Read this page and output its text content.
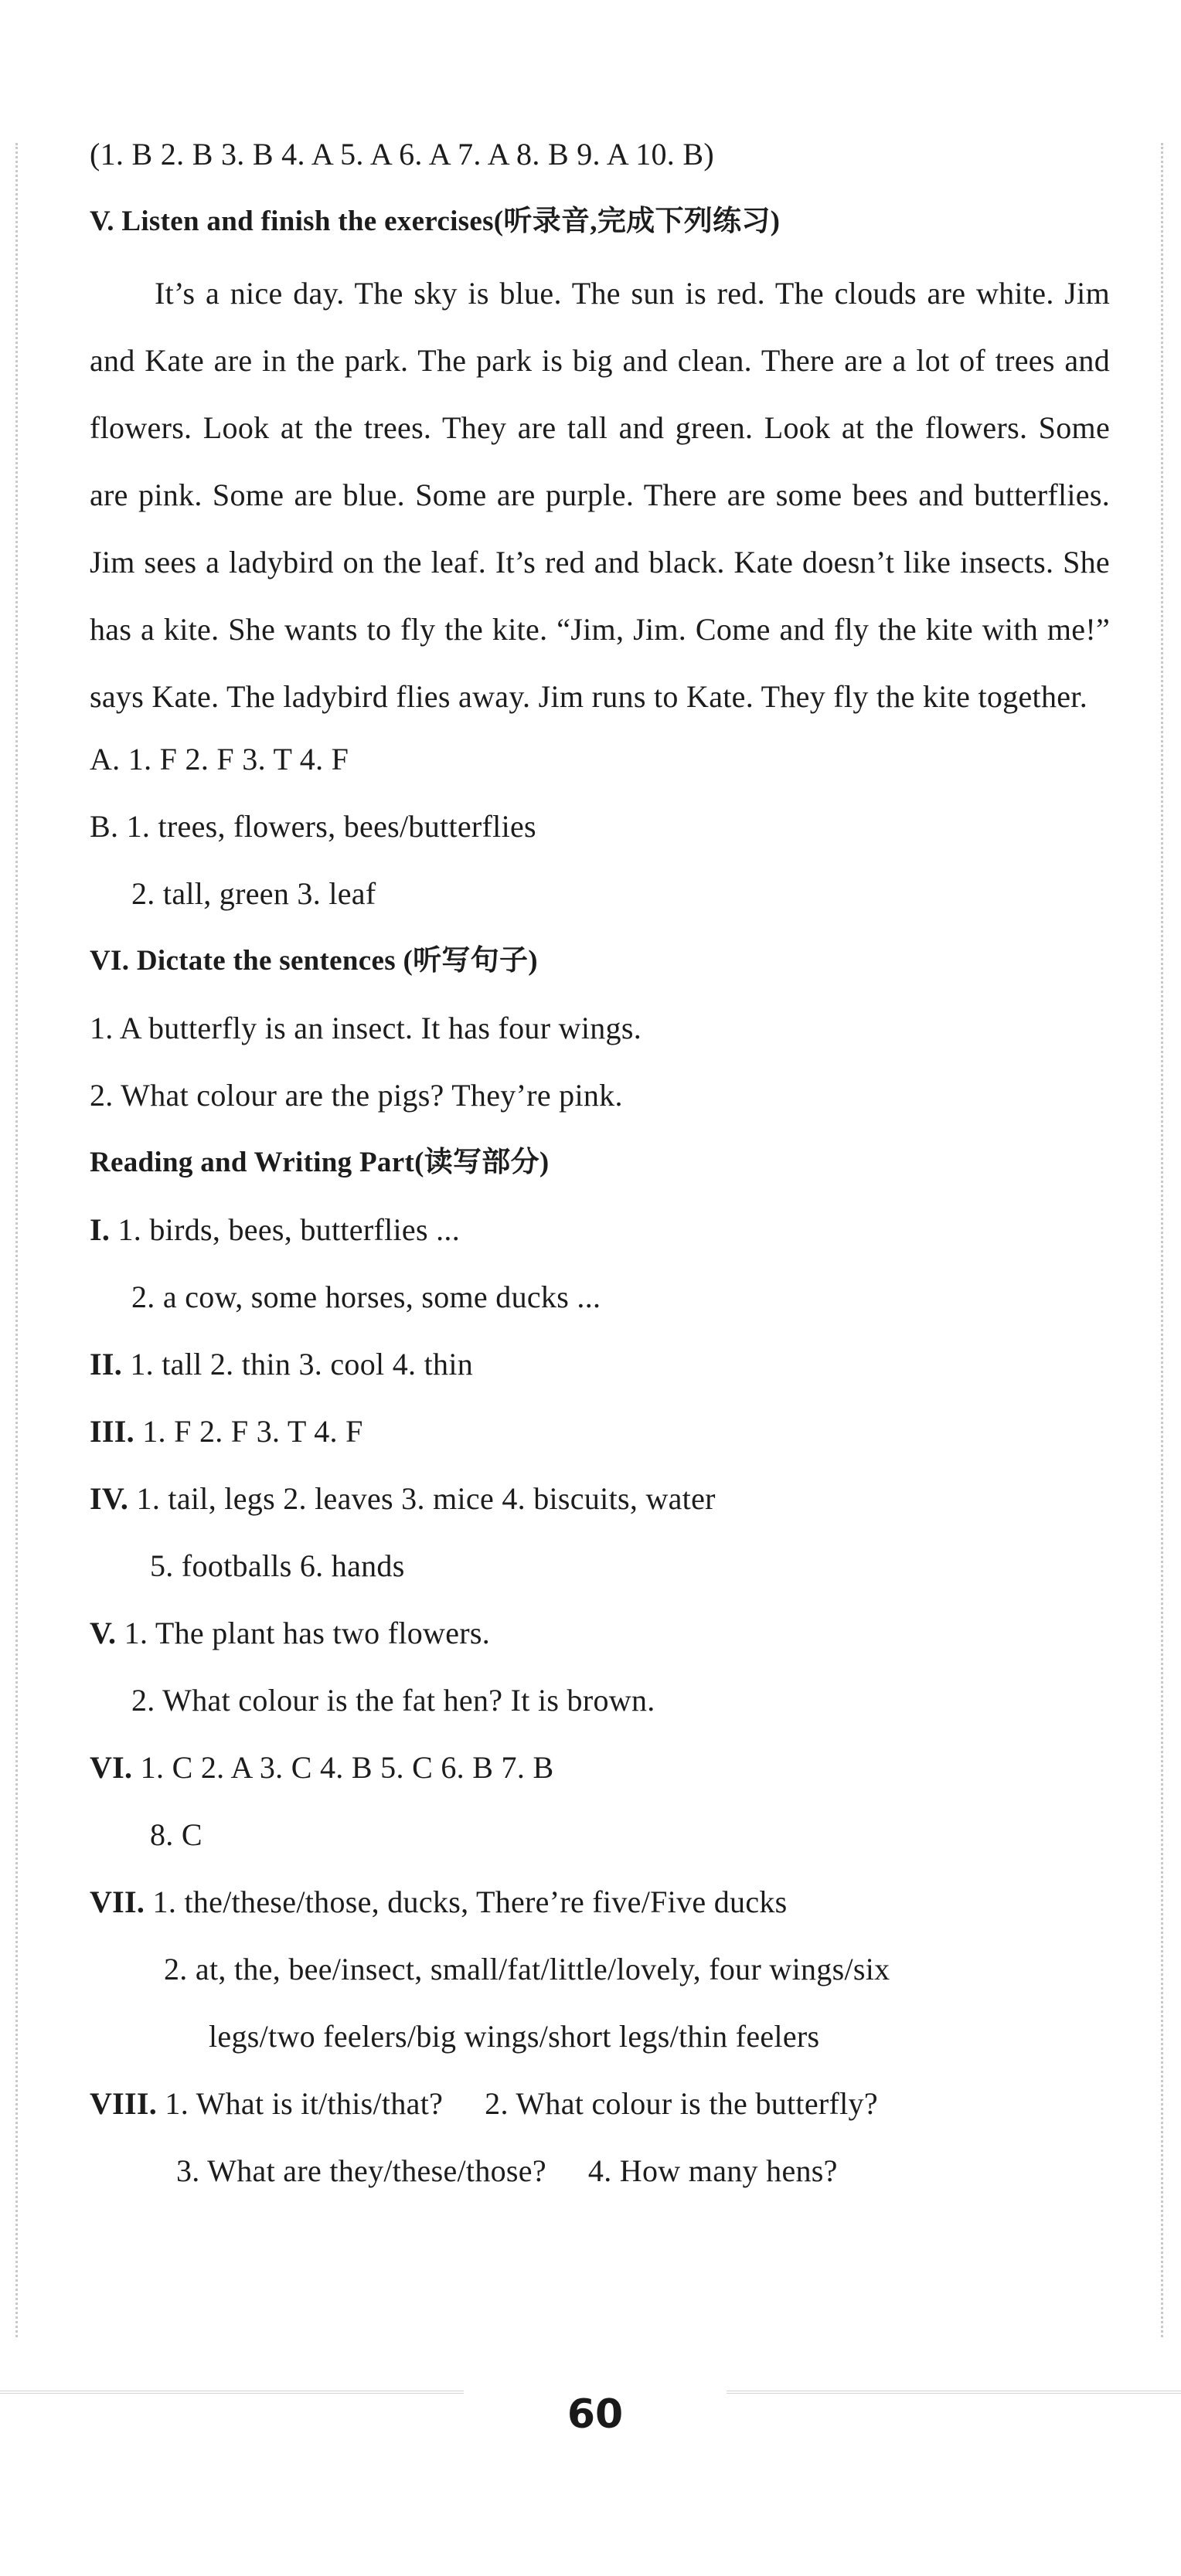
(1. B 2. B 3. B 4. A 5. A 6. A 7. A 8. B 9. A 10. B)
V. Listen and finish the exercises(听录音,完成下列练习)

It’s a nice day. The sky is blue. The sun is red. The clouds are white. Jim and Kate are in the park. The park is big and clean. There are a lot of trees and flowers. Look at the trees. They are tall and green. Look at the flowers. Some are pink. Some are blue. Some are purple. There are some bees and butterflies. Jim sees a ladybird on the leaf. It’s red and black. Kate doesn’t like insects. She has a kite. She wants to fly the kite. “Jim, Jim. Come and fly the kite with me!” says Kate. The ladybird flies away. Jim runs to Kate. They fly the kite together.

A. 1. F 2. F 3. T 4. F
B. 1. trees, flowers, bees/butterflies
2. tall, green 3. leaf
VI. Dictate the sentences (听写句子)
1. A butterfly is an insect. It has four wings.
2. What colour are the pigs? They’re pink.
Reading and Writing Part(读写部分)
I. 1. birds, bees, butterflies ...
2. a cow, some horses, some ducks ...
II. 1. tall 2. thin 3. cool 4. thin
III. 1. F 2. F 3. T 4. F
IV. 1. tail, legs 2. leaves 3. mice 4. biscuits, water
5. footballs 6. hands
V. 1. The plant has two flowers.
2. What colour is the fat hen? It is brown.
VI. 1. C 2. A 3. C 4. B 5. C 6. B 7. B
8. C
VII. 1. the/these/those, ducks, There’re five/Five ducks
2. at, the, bee/insect, small/fat/little/lovely, four wings/six
legs/two feelers/big wings/short legs/thin feelers
VIII. 1. What is it/this/that? 2. What colour is the butterfly?
3. What are they/these/those? 4. How many hens?
60
